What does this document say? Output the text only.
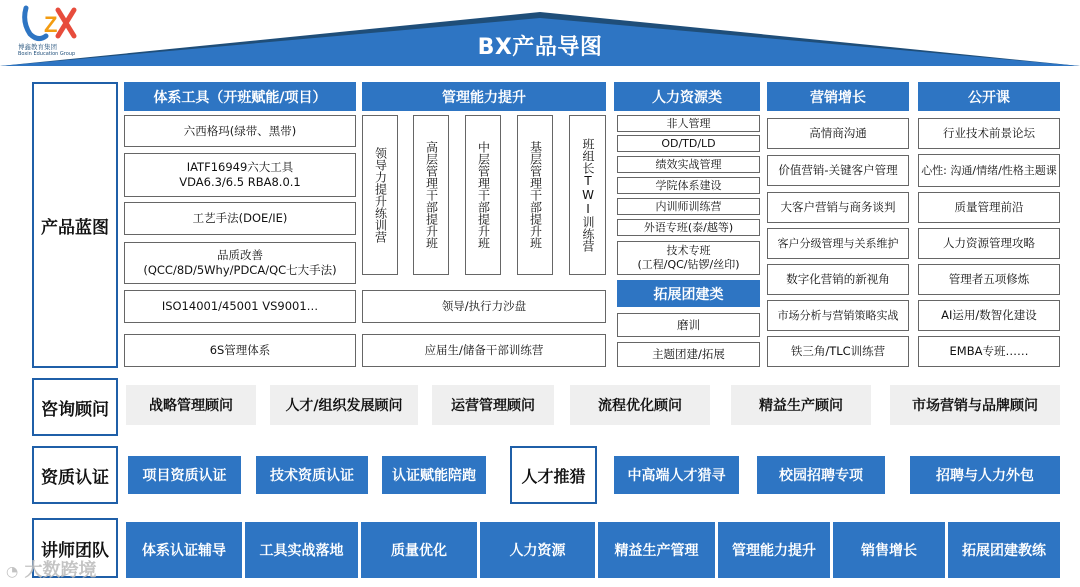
BX产品导图
Z
博鑫教育集团
Boxin Education Group
产品蓝图
咨询顾问
资质认证
讲师团队
体系工具（开班赋能/项目）
六西格玛(绿带、黑带)
IATF16949六大工具
VDA6.3/6.5 RBA8.0.1
工艺手法(DOE/IE)
品质改善
(QCC/8D/5Why/PDCA/QC七大手法)
ISO14001/45001 VS9001…
6S管理体系
管理能力提升
领导力提升练训营	高层管理干部提升班	中层管理干部提升班	基层管理干部提升班	班组长TWI训练营
领导/执行力沙盘
应届生/储备干部训练营
人力资源类
非人管理
OD/TD/LD
绩效实战管理
学院体系建设
内训师训练营
外语专班(泰/越等)
技术专班
(工程/QC/钻锣/丝印)
拓展团建类
磨训
主题团建/拓展
营销增长
高情商沟通
价值营销-关键客户管理
大客户营销与商务谈判
客户分级管理与关系维护
数字化营销的新视角
市场分析与营销策略实战
铁三角/TLC训练营
公开课
行业技术前景论坛
心性: 沟通/情绪/性格主题课
质量管理前沿
人力资源管理攻略
管理者五项修炼
AI运用/数智化建设
EMBA专班……
战略管理顾问	人才/组织发展顾问	运营管理顾问	流程优化顾问	精益生产顾问	市场营销与品牌顾问
项目资质认证	技术资质认证	认证赋能陪跑	人才推猎	中高端人才猎寻	校园招聘专项	招聘与人力外包
体系认证辅导	工具实战落地	质量优化	人力资源	精益生产管理	管理能力提升	销售增长	拓展团建教练
◔ 大数跨境
